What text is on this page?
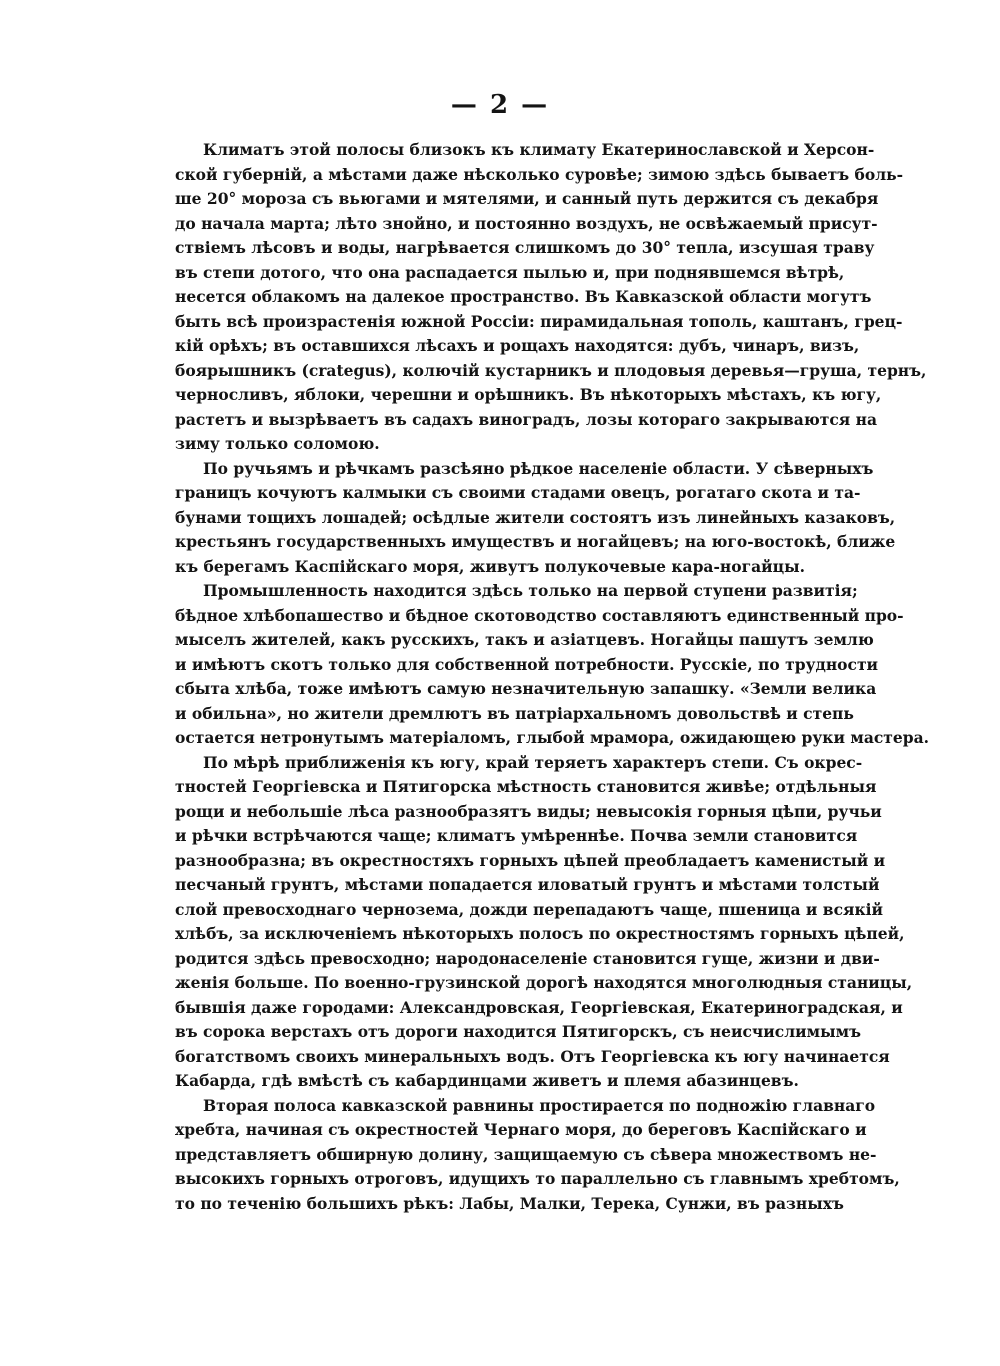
— 2 —
Климатъ этой полосы близокъ къ климату Екатеринославской и Херсон-
ской губерній, а мѣстами даже нѣсколько суровѣе; зимою здѣсь бываетъ боль-
ше 20° мороза съ вьюгами и мятелями, и санный путь держится съ декабря
до начала марта; лѣто знойно, и постоянно воздухъ, не освѣжаемый присут-
ствіемъ лѣсовъ и воды, нагрѣвается слишкомъ до 30° тепла, изсушая траву
въ степи дотого, что она распадается пылью и, при поднявшемся вѣтрѣ,
несется облакомъ на далекое пространство. Въ Кавказской области могутъ
быть всѣ произрастенія южной Россіи: пирамидальная тополь, каштанъ, грец-
кій орѣхъ; въ оставшихся лѣсахъ и рощахъ находятся: дубъ, чинаръ, визъ,
боярышникъ (crategus), колючій кустарникъ и плодовыя деревья—груша, тернъ,
черносливъ, яблоки, черешни и орѣшникъ. Въ нѣкоторыхъ мѣстахъ, къ югу,
растетъ и вызрѣваетъ въ садахъ виноградъ, лозы котораго закрываются на
зиму только соломою.
По ручьямъ и рѣчкамъ разсѣяно рѣдкое населеніе области. У сѣверныхъ
границъ кочуютъ калмыки съ своими стадами овецъ, рогатаго скота и та-
бунами тощихъ лошадей; осѣдлые жители состоятъ изъ линейныхъ казаковъ,
крестьянъ государственныхъ имуществъ и ногайцевъ; на юго-востокѣ, ближе
къ берегамъ Каспійскаго моря, живутъ полукочевые кара-ногайцы.
Промышленность находится здѣсь только на первой ступени развитія;
бѣдное хлѣбопашество и бѣдное скотоводство составляютъ единственный про-
мыселъ жителей, какъ русскихъ, такъ и азіатцевъ. Ногайцы пашутъ землю
и имѣютъ скотъ только для собственной потребности. Русскіе, по трудности
сбыта хлѣба, тоже имѣютъ самую незначительную запашку. «Земли велика
и обильна», но жители дремлютъ въ патріархальномъ довольствѣ и степь
остается нетронутымъ матеріаломъ, глыбой мрамора, ожидающею руки мастера.
По мѣрѣ приближенія къ югу, край теряетъ характеръ степи. Съ окрес-
тностей Георгіевска и Пятигорска мѣстность становится живѣе; отдѣльныя
рощи и небольшіе лѣса разнообразятъ виды; невысокія горныя цѣпи, ручьи
и рѣчки встрѣчаются чаще; климатъ умѣреннѣе. Почва земли становится
разнообразна; въ окрестностяхъ горныхъ цѣпей преобладаетъ каменистый и
песчаный грунтъ, мѣстами попадается иловатый грунтъ и мѣстами толстый
слой превосходнаго чернозема, дожди перепадаютъ чаще, пшеница и всякій
хлѣбъ, за исключеніемъ нѣкоторыхъ полосъ по окрестностямъ горныхъ цѣпей,
родится здѣсь превосходно; народонаселеніе становится гуще, жизни и дви-
женія больше. По военно-грузинской дорогѣ находятся многолюдныя станицы,
бывшія даже городами: Александровская, Георгіевская, Екатериноградская, и
въ сорока верстахъ отъ дороги находится Пятигорскъ, съ неисчислимымъ
богатствомъ своихъ минеральныхъ водъ. Отъ Георгіевска къ югу начинается
Кабарда, гдѣ вмѣстѣ съ кабардинцами живетъ и племя абазинцевъ.
Вторая полоса кавказской равнины простирается по подножію главнаго
хребта, начиная съ окрестностей Чернаго моря, до береговъ Каспійскаго и
представляетъ обширную долину, защищаемую съ сѣвера множествомъ не-
высокихъ горныхъ отроговъ, идущихъ то параллельно съ главнымъ хребтомъ,
то по теченію большихъ рѣкъ: Лабы, Малки, Терека, Сунжи, въ разныхъ
